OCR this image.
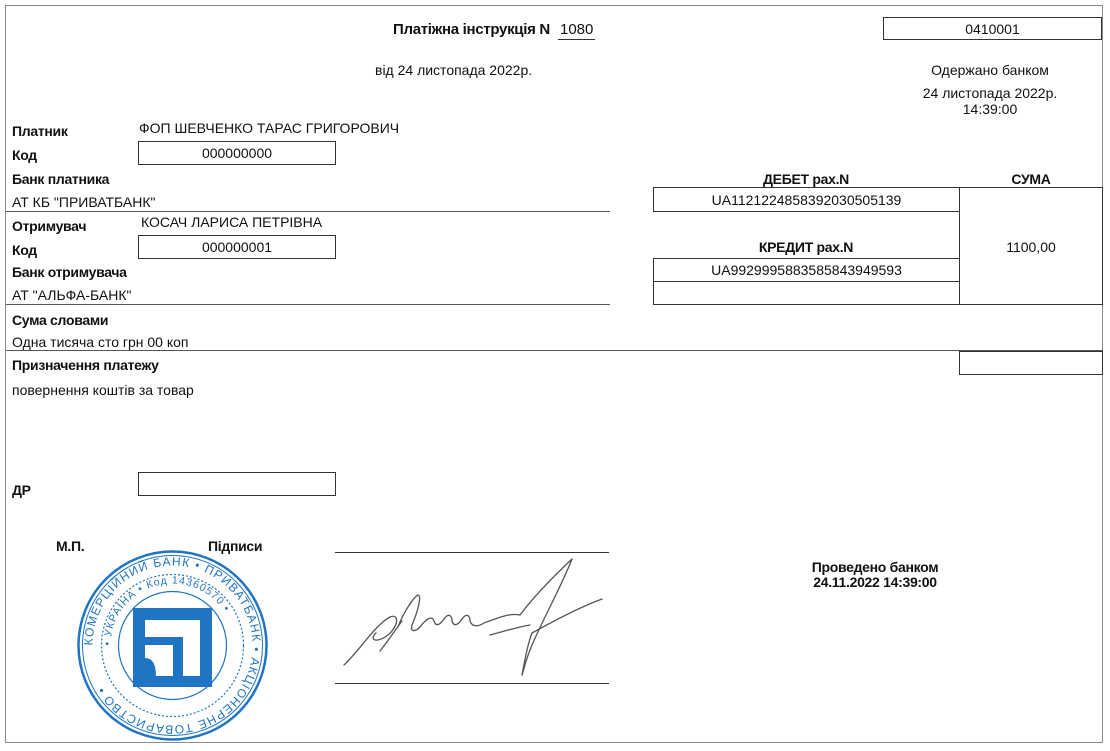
Платіжна інструкція N 1080	0410001
від 24 листопада 2022р.	Одержано банком
24 листопада 2022р.
14:39:00
Платник	ФОП ШЕВЧЕНКО ТАРАС ГРИГОРОВИЧ
Код	000000000
Банк платника
АТ КБ "ПРИВАТБАНК"
Отримувач	КОСАЧ ЛАРИСА ПЕТРІВНА
Код	000000001
Банк отримувача
АТ "АЛЬФА-БАНК"
ДЕБЕТ рах.N	СУМА
UA112122485839203050513​9
КРЕДИТ рах.N
UA992999588358584394959​3
1100,00
Сума словами
Одна тисяча сто грн 00 коп
Призначення платежу
повернення коштів за товар
ДР
М.П.	Підписи
Проведено банком
24.11.2022 14:39:00
КОМЕРЦІЙНИЙ БАНК • ПРИВАТБАНК • АКЦІОНЕРНЕ ТОВАРИСТВО •
• УКРАЇНА • Код 14360570 •
